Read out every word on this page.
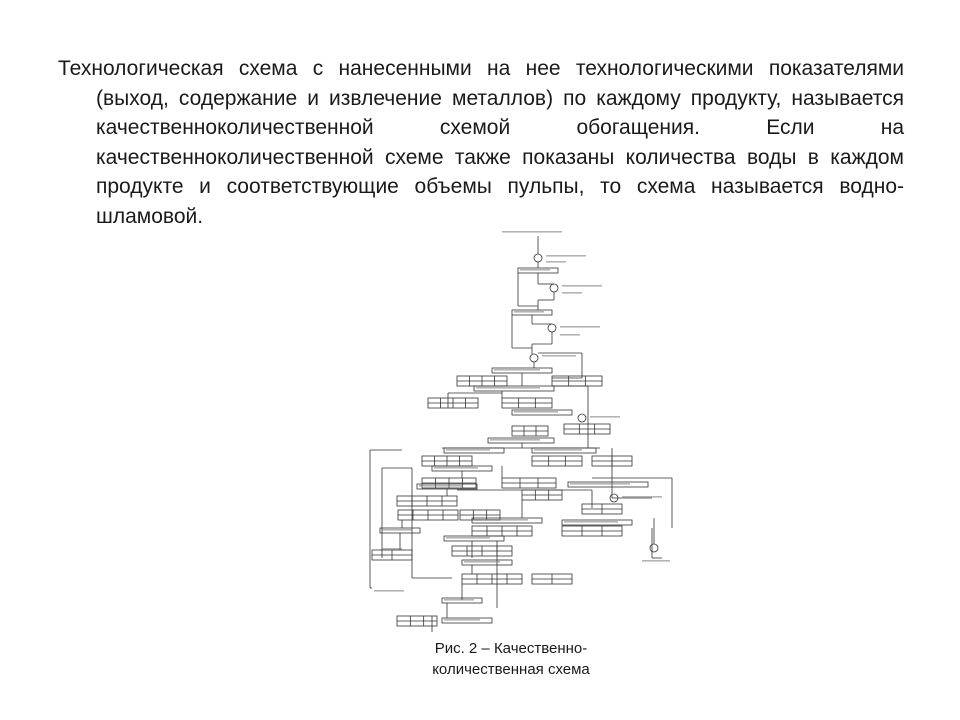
Технологическая схема с нанесенными на нее технологическими показателями (выход, содержание и извлечение металлов) по каждому продукту, называется качественноколичественной схемой обогащения. Если на качественноколичественной схеме также показаны количества воды в каждом продукте и соответствующие объемы пульпы, то схема называется водно-шламовой.

Рис. 2 – Качественно-
количественная схема
